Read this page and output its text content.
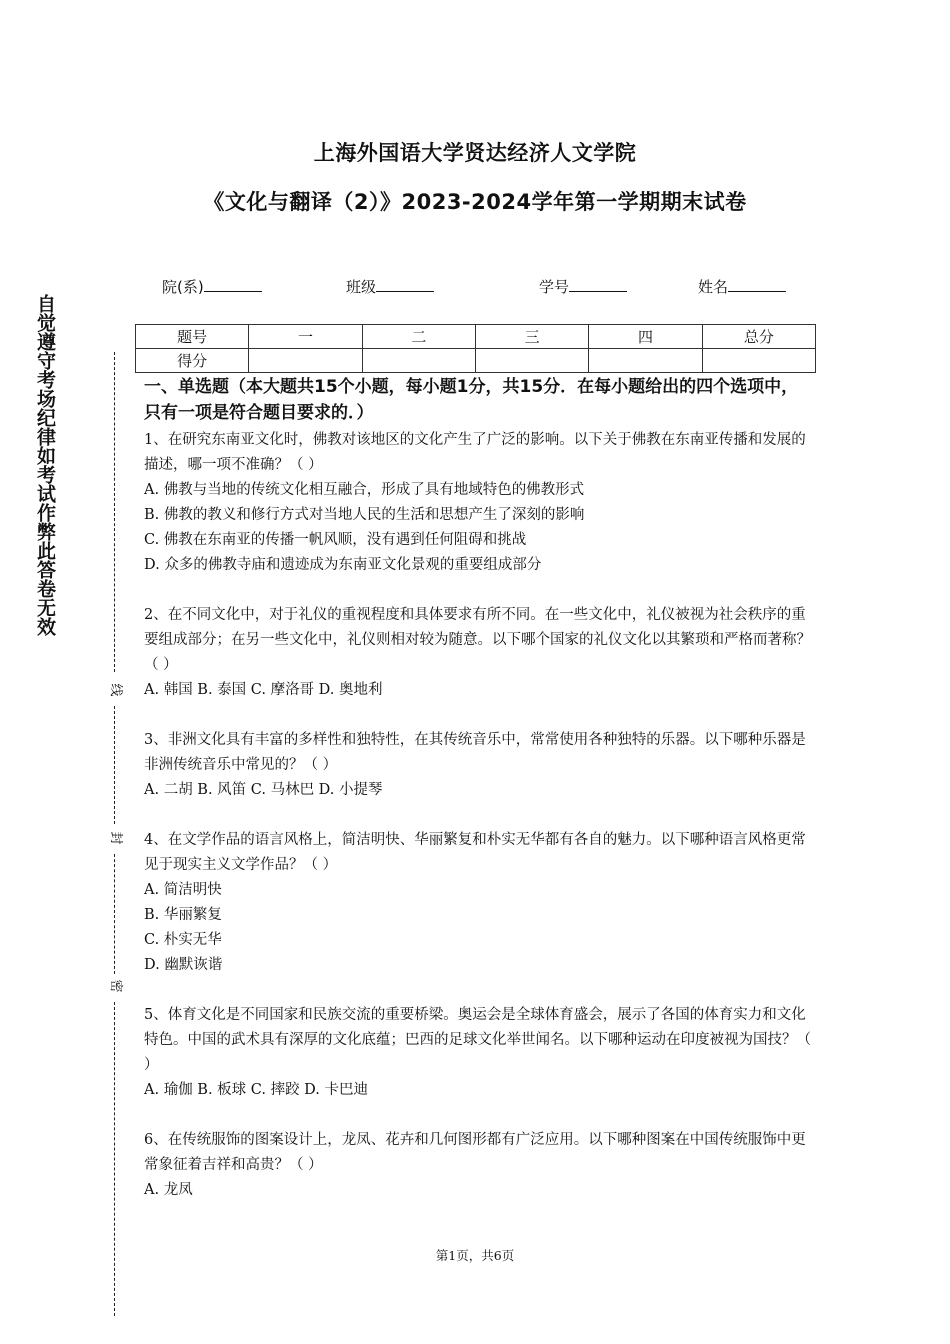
上海外国语大学贤达经济人文学院
《文化与翻译（2）》2023-2024学年第一学期期末试卷
院(系)	班级	学号	姓名
题号	一	二	三	四	总分
得分					
自觉遵守考场纪律如考试作弊此答卷无效
线
封
密
一、单选题（本大题共15个小题，每小题1分，共15分．在每小题给出的四个选项中，只有一项是符合题目要求的．）
1、在研究东南亚文化时，佛教对该地区的文化产生了广泛的影响。以下关于佛教在东南亚传播和发展的描述，哪一项不准确？（ ）
A. 佛教与当地的传统文化相互融合，形成了具有地域特色的佛教形式
B. 佛教的教义和修行方式对当地人民的生活和思想产生了深刻的影响
C. 佛教在东南亚的传播一帆风顺，没有遇到任何阻碍和挑战
D. 众多的佛教寺庙和遗迹成为东南亚文化景观的重要组成部分
2、在不同文化中，对于礼仪的重视程度和具体要求有所不同。在一些文化中，礼仪被视为社会秩序的重要组成部分；在另一些文化中，礼仪则相对较为随意。以下哪个国家的礼仪文化以其繁琐和严格而著称？（ ）
A. 韩国 B. 泰国 C. 摩洛哥 D. 奥地利
3、非洲文化具有丰富的多样性和独特性，在其传统音乐中，常常使用各种独特的乐器。以下哪种乐器是非洲传统音乐中常见的？（ ）
A. 二胡 B. 风笛 C. 马林巴 D. 小提琴
4、在文学作品的语言风格上，简洁明快、华丽繁复和朴实无华都有各自的魅力。以下哪种语言风格更常见于现实主义文学作品？（ ）
A. 简洁明快
B. 华丽繁复
C. 朴实无华
D. 幽默诙谐
5、体育文化是不同国家和民族交流的重要桥梁。奥运会是全球体育盛会，展示了各国的体育实力和文化特色。中国的武术具有深厚的文化底蕴；巴西的足球文化举世闻名。以下哪种运动在印度被视为国技？（ ）
A. 瑜伽 B. 板球 C. 摔跤 D. 卡巴迪
6、在传统服饰的图案设计上，龙凤、花卉和几何图形都有广泛应用。以下哪种图案在中国传统服饰中更常象征着吉祥和高贵？（ ）
A. 龙凤
第1页，共6页
